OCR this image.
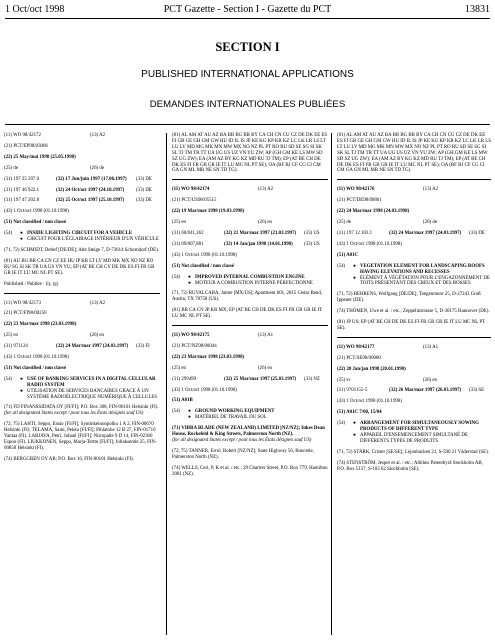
1 Oct/oct 1998	PCT Gazette - Section I - Gazette du PCT	13831
SECTION I
PUBLISHED INTERNATIONAL APPLICATIONS
DEMANDES INTERNATIONALES PUBLIÉES
(11) WO 98/42172	(13) A2
(21) PCT/EP98/03066
(22) 25 May/mai 1998 (25.05.1998)
(25) de	(26) de
(31) 197 25 397.0	(32) 17 Jun/juin 1997 (17.06.1997)	(33) DE
(31) 197 46 922.1	(32) 24 Oct/oct 1997 (24.10.1997)	(33) DE
(31) 197 47 202.8	(32) 25 Oct/oct 1997 (25.10.1997)	(33) DE
(43) 1 Oct/oct 1998 (01.10.1998)
(51) Not classified / non classé
(54) ● INSIDE LIGHTING CIRCUIT FOR A VEHICLE
● CIRCUIT POUR L'ÉCLAIRAGE INTÉRIEUR D'UN VÉHICULE
(71, 72) SCHMIDT, Detlef [DE/DE]; Alte Steige 7, D-73614 Schorndorf (DE).
(81) AU BG BR CA CN CZ EE HU IP KR LT LV MD MK MX NO NZ RO RU SG SI SK TR UA US VN YU; EP (AT BE CH CY DE DK ES FI FR GB GR IE IT LU MC NL PT SE).
Published / Publiée : (i), (g)
(11) WO 98/42173	(13) A2
(21) PCT/FI98/00250
(22) 23 Mar/mar 1998 (23.03.1998)
(25) en	(26) en
(31) 971124	(32) 24 Mar/mar 1997 (24.03.1997)	(33) FI
(43) 1 Oct/oct 1998 (01.10.1998)
(51) Not classified / non classé
(54)	● USE OF BANKING SERVICES IN A DIGITAL CELLULAR RADIO SYSTEM
● UTILISATION DE SERVICES BANCAIRES GRACE À UN SYSTÈME RADIOÉLECTRIQUE NUMÉRIQUE À CELLULES
(71) FD FINANSSIDATA OY [FI/FI]; P.O. Box 308, FIN-00101 Helsinki (FI).
(for all designated States except / pour tous les États désignés sauf US)
(72, 75) LAHTI, Seppo, Ensio [FI/FI]; Syntinkeinonpolku 1 A 2, FIN-00670 Helsinki (FI). TELAMA, Sami, Pekka [FI/FI]; Pihlatohe 12 B 27, FIN-01710 Vantaa (FI). LARJAVA, Petri, Juhani [FI/FI]; Nirropalte 9 D 14, FIN-02360 Espoo (FI). LIUKKONEN, Seppo, Marja-Terttu [FI/FI]; Jollaksentie 25, FIN-00850 Helsinki (FI).
(74) BERGGREN OY AB; P.O. Box 16, FIN-00101 Helsinki (FI).
(81) AL AM AT AU AZ BA BB BG BR BY CA CH CN CU CZ DE DK EE ES FI GB GE GH GM GW HU ID IL IS JP KE KG KP KR KZ LC LK LR LS LT LU LV MD MG MK MN MW MX NO NZ PL PT RO RU SD SE SG SI SK SL TJ TM TR TT UA UG US UZ VN YU ZW; AP (GH GM KE LS MW SD SZ UG ZW); EA (AM AZ BY KG KZ MD RU TJ TM); EP (AT BE CH DE DK ES FI FR GB GR IE IT LU MC NL PT SE); OA (BF BJ CF CG CI CM GA GN ML MR NE SN TD TG).
(11) WO 98/42174	(13) A2
(21) PCT/US98/05515
(22) 19 Mar/mar 1998 (19.03.1998)
(25) en	(26) en
(31) 60/041,362	(32) 21 Mar/mar 1997 (21.03.1997)	(33) US
(31) 09/007,881	(32) 14 Jan/jan 1998 (14.01.1998)	(33) US
(43) 1 Oct/oct 1998 (01.10.1998)
(51) Not classified / non classé
(54)	● IMPROVED INTERNAL COMBUSTION ENGINE
● MOTEUR A COMBUSTION INTERNE PERFECTIONNE
(71, 72) RUVALCABA, Jaime [MX/US]; Apartment 601, 2815 Cedar Bend, Austin, TX 78758 (US).
(81) BR CA CN JP KR MX; EP (AT BE CH DE DK ES FI FR GB GR IE IT LU MC NL PT SE).
(11) WO 98/42175	(13) A1
(21) PCT/NZ98/00044
(22) 23 Mar/mar 1998 (23.03.1998)
(25) en	(26) en
(31) 299499	(32) 25 Mar/mar 1997 (25.03.1997)	(33) NZ
(43) 1 Oct/oct 1998 (01.10.1998)
(51) A01B
(54)	● GROUND WORKING EQUIPMENT
● MATÉRIEL DE TRAVAIL DU SOL
(71) VIBRA BLADE (NEW ZEALAND) LIMITED [NZ/NZ]; Inkes Dean House, Rockefeld & King Streets, Palmerston North (NZ).
(for all designated States except / pour tous les États désignés sauf US)
(72, 75) TANNER, Errol, Robert [NZ/NZ]; State Highway 56, Buncetie, Palmerston North (NZ).
(74) WELLS, Ceri, P, K et al. / etc.; 29 Chartrer Street, P.O. Box 779, Hamilton 2001 (NZ).
(81) AL AM AT AU AZ BA BB BG BR BY CA CH CN CU CZ DE DK EE ES FI GB GE GH GM GW HU ID IL IS JP KE KG KP KR KZ LC LK LR LS LT LU LV MD MG MK MN MW MX NO NZ PL PT RO RU SD SE SG SI SK SL TJ TM TR TT UA UG US UZ VN YU ZW; AP (GH GM KE LS MW SD SZ UG ZW); EA (AM AZ BY KG KZ MD RU TJ TM); EP (AT BE CH DE DK ES FI FR GB GR IE IT LU MC NL PT SE); OA (BF BJ CF CG CI CM GA GN ML MR NE SN TD TG).
(11) WO 98/42176	(13) A2
(21) PCT/DE98/00861
(22) 24 Mar/mar 1998 (24.03.1998)
(25) de	(26) de
(31) 197 12 303.1	(32) 24 Mar/mar 1997 (24.03.1997)	(33) DE
(43) 1 Oct/oct 1998 (01.10.1998)
(51) A01C
(54)	● VEGETATION ELEMENT FOR LANDSCAPING ROOFS HAVING ELEVATIONS AND RECESSES
● ÉLÉMENT À VÉGÉTATION POUR L'ENGAZONNEMENT DE TOITS PRÉSENTANT DES CREUX ET DES BOSSES
(71, 72) BEHRENS, Wolfgang [DE/DE]; Tangenmoor 25, D-27243 Groß Ippener (DE).
(74) THÖMEN, Uwe et al. / etc.; Zeppelinstrasse 5, D-30175 Hannover (DE).
(81) JP US; EP (AT BE CH DE DK ES FI FR GB GR IE IT LU MC NL PT SE).
(11) WO 98/42177	(13) A1
(21) PCT/SE98/00080
(22) 20 Jan/jan 1998 (20.01.1998)
(25) sv	(26) en
(31) 9701155-5	(32) 26 Mar/mar 1997 (26.03.1997)	(33) SE
(43) 1 Oct/oct 1998 (01.10.1998)
(51) A01C 7/00, 15/04
(54)	● ARRANGEMENT FOR SIMULTANEOUSLY SOWING PRODUCTS OF DIFFERENT TYPE
● APPAREIL D'ENSEMENCEMENT SIMULTANÉ DE DIFFÉRENTS TYPES DE PRODUITS
(71, 72) STARK, Crister [SE/SE]; Lejonbacken 21, S-590 21 Väderstad (SE).
(74) STENSTRÖM, Jesper et al. / etc.; Albihns Patentbyrå Stockholm AB, P.O. Box 5137, S-103 62 Stockholm (SE).
